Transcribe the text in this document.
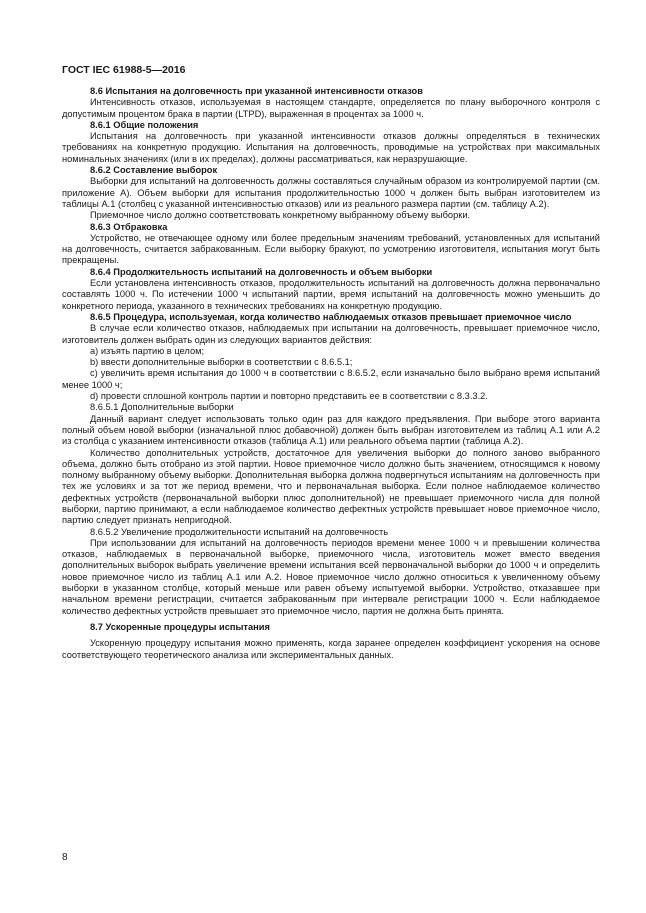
ГОСТ IEC 61988-5—2016

8.6 Испытания на долговечность при указанной интенсивности отказов

Интенсивность отказов, используемая в настоящем стандарте, определяется по плану выборочного контроля с допустимым процентом брака в партии (LTPD), выраженная в процентах за 1000 ч.

8.6.1 Общие положения

Испытания на долговечность при указанной интенсивности отказов должны определяться в технических требованиях на конкретную продукцию. Испытания на долговечность, проводимые на устройствах при максимальных номинальных значениях (или в их пределах), должны рассматриваться, как неразрушающие.

8.6.2 Составление выборок

Выборки для испытаний на долговечность должны составляться случайным образом из контролируемой партии (см. приложение А). Объем выборки для испытания продолжительностью 1000 ч должен быть выбран изготовителем из таблицы А.1 (столбец с указанной интенсивностью отказов) или из реального размера партии (см. таблицу А.2).

Приемочное число должно соответствовать конкретному выбранному объему выборки.

8.6.3 Отбраковка

Устройство, не отвечающее одному или более предельным значениям требований, установленных для испытаний на долговечность, считается забракованным. Если выборку бракуют, по усмотрению изготовителя, испытания могут быть прекращены.

8.6.4 Продолжительность испытаний на долговечность и объем выборки

Если установлена интенсивность отказов, продолжительность испытаний на долговечность должна первоначально составлять 1000 ч. По истечении 1000 ч испытаний партии, время испытаний на долговечность можно уменьшить до конкретного периода, указанного в технических требованиях на конкретную продукцию.

8.6.5 Процедура, используемая, когда количество наблюдаемых отказов превышает приемочное число

В случае если количество отказов, наблюдаемых при испытании на долговечность, превышает приемочное число, изготовитель должен выбрать один из следующих вариантов действия:

a) изъять партию в целом;

b) ввести дополнительные выборки в соответствии с 8.6.5.1;

c) увеличить время испытания до 1000 ч в соответствии с 8.6.5.2, если изначально было выбрано время испытаний менее 1000 ч;

d) провести сплошной контроль партии и повторно представить ее в соответствии с 8.3.3.2.

8.6.5.1 Дополнительные выборки

Данный вариант следует использовать только один раз для каждого предъявления. При выборе этого варианта полный объем новой выборки (изначальной плюс добавочной) должен быть выбран изготовителем из таблиц А.1 или А.2 из столбца с указанием интенсивности отказов (таблица А.1) или реального объема партии (таблица А.2).

Количество дополнительных устройств, достаточное для увеличения выборки до полного заново выбранного объема, должно быть отобрано из этой партии. Новое приемочное число должно быть значением, относящимся к новому полному выбранному объему выборки. Дополнительная выборка должна подвергнуться испытаниям на долговечность при тех же условиях и за тот же период времени, что и первоначальная выборка. Если полное наблюдаемое количество дефектных устройств (первоначальной выборки плюс дополнительной) не превышает приемочного числа для полной выборки, партию принимают, а если наблюдаемое количество дефектных устройств превышает новое приемочное число, партию следует признать непригодной.

8.6.5.2 Увеличение продолжительности испытаний на долговечность

При использовании для испытаний на долговечность периодов времени менее 1000 ч и превышении количества отказов, наблюдаемых в первоначальной выборке, приемочного числа, изготовитель может вместо введения дополнительных выборок выбрать увеличение времени испытания всей первоначальной выборки до 1000 ч и определить новое приемочное число из таблиц А.1 или А.2. Новое приемочное число должно относиться к увеличенному объему выборки в указанном столбце, который меньше или равен объему испытуемой выборки. Устройство, отказавшее при начальном времени регистрации, считается забракованным при интервале регистрации 1000 ч. Если наблюдаемое количество дефектных устройств превышает это приемочное число, партия не должна быть принята.

8.7 Ускоренные процедуры испытания

Ускоренную процедуру испытания можно применять, когда заранее определен коэффициент ускорения на основе соответствующего теоретического анализа или экспериментальных данных.

8
